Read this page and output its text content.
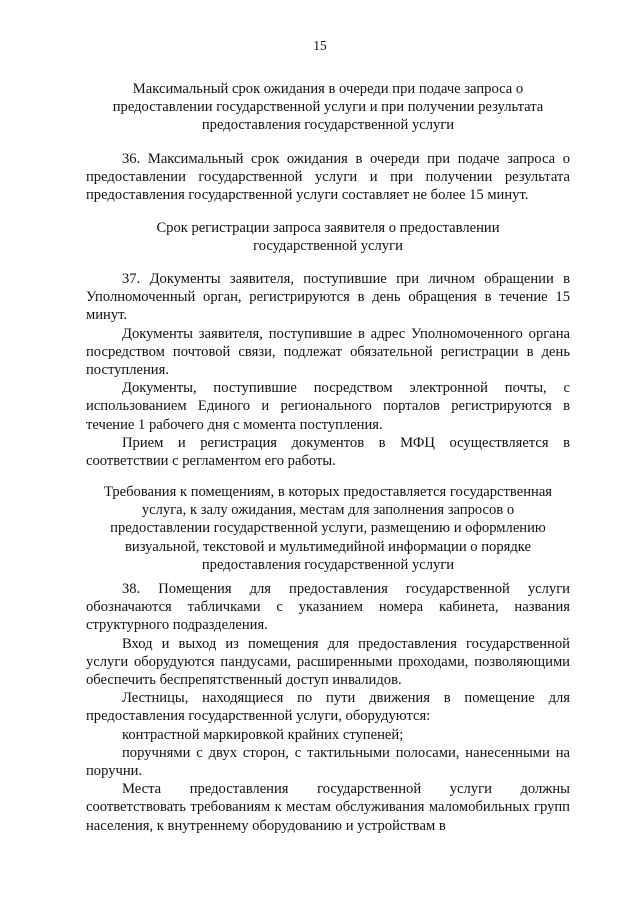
15

Максимальный срок ожидания в очереди при подаче запроса о
предоставлении государственной услуги и при получении результата
предоставления государственной услуги

36. Максимальный срок ожидания в очереди при подаче запроса о предоставлении государственной услуги и при получении результата предоставления государственной услуги составляет не более 15 минут.

Срок регистрации запроса заявителя о предоставлении
государственной услуги

37. Документы заявителя, поступившие при личном обращении в Уполномоченный орган, регистрируются в день обращения в течение 15 минут.

Документы заявителя, поступившие в адрес Уполномоченного органа посредством почтовой связи, подлежат обязательной регистрации в день поступления.

Документы, поступившие посредством электронной почты, с использованием Единого и регионального порталов регистрируются в течение 1 рабочего дня с момента поступления.

Прием и регистрация документов в МФЦ осуществляется в соответствии с регламентом его работы.

Требования к помещениям, в которых предоставляется государственная
услуга, к залу ожидания, местам для заполнения запросов о
предоставлении государственной услуги, размещению и оформлению
визуальной, текстовой и мультимедийной информации о порядке
предоставления государственной услуги

38. Помещения для предоставления государственной услуги обозначаются табличками с указанием номера кабинета, названия структурного подразделения.

Вход и выход из помещения для предоставления государственной услуги оборудуются пандусами, расширенными проходами, позволяющими обеспечить беспрепятственный доступ инвалидов.

Лестницы, находящиеся по пути движения в помещение для предоставления государственной услуги, оборудуются:

контрастной маркировкой крайних ступеней;

поручнями с двух сторон, с тактильными полосами, нанесенными на поручни.

Места предоставления государственной услуги должны соответствовать требованиям к местам обслуживания маломобильных групп населения, к внутреннему оборудованию и устройствам в
